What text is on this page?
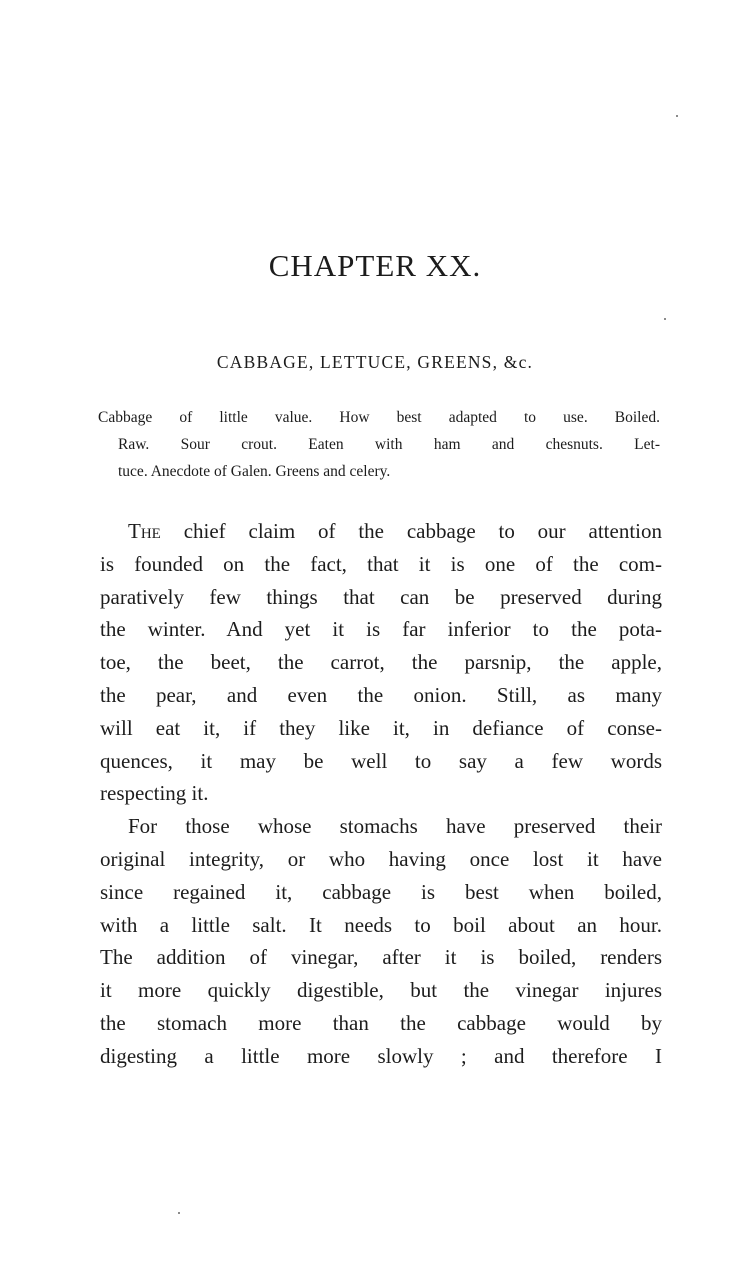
CHAPTER XX.
CABBAGE, LETTUCE, GREENS, &c.
Cabbage of little value. How best adapted to use. Boiled.
Raw. Sour crout. Eaten with ham and chesnuts. Let-
tuce. Anecdote of Galen. Greens and celery.
The chief claim of the cabbage to our attention
is founded on the fact, that it is one of the com-
paratively few things that can be preserved during
the winter. And yet it is far inferior to the pota-
toe, the beet, the carrot, the parsnip, the apple,
the pear, and even the onion. Still, as many
will eat it, if they like it, in defiance of conse-
quences, it may be well to say a few words
respecting it.
For those whose stomachs have preserved their
original integrity, or who having once lost it have
since regained it, cabbage is best when boiled,
with a little salt. It needs to boil about an hour.
The addition of vinegar, after it is boiled, renders
it more quickly digestible, but the vinegar injures
the stomach more than the cabbage would by
digesting a little more slowly ; and therefore I
